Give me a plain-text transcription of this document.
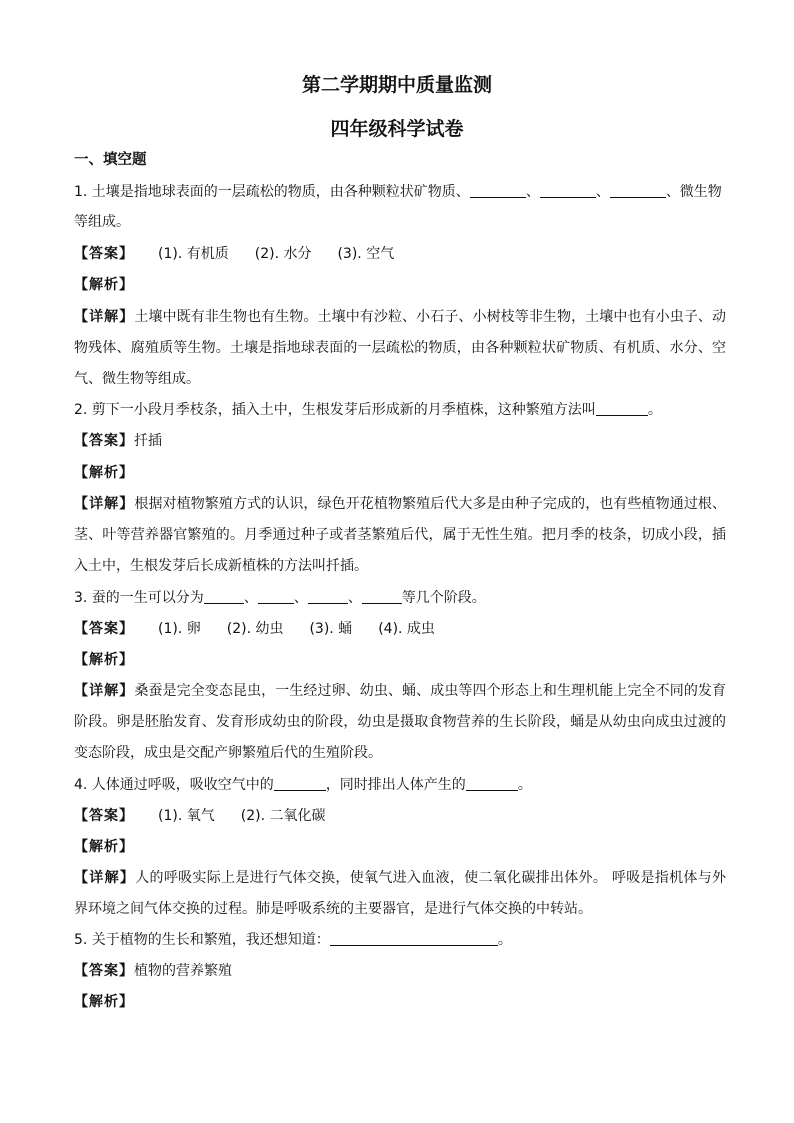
第二学期期中质量监测
四年级科学试卷
一、填空题
1. 土壤是指地球表面的一层疏松的物质，由各种颗粒状矿物质、	、	、	、微生物
等组成。
【答案】 (1). 有机质 (2). 水分 (3). 空气
【解析】
【详解】土壤中既有非生物也有生物。土壤中有沙粒、小石子、小树枝等非生物，土壤中也有小虫子、动
物残体、腐殖质等生物。土壤是指地球表面的一层疏松的物质，由各种颗粒状矿物质、有机质、水分、空
气、微生物等组成。
2. 剪下一小段月季枝条，插入土中，生根发芽后形成新的月季植株，这种繁殖方法叫	。
【答案】扦插
【解析】
【详解】根据对植物繁殖方式的认识，绿色开花植物繁殖后代大多是由种子完成的，也有些植物通过根、
茎、叶等营养器官繁殖的。月季通过种子或者茎繁殖后代，属于无性生殖。把月季的枝条，切成小段，插
入土中，生根发芽后长成新植株的方法叫扦插。
3. 蚕的一生可以分为	、	、	、	等几个阶段。
【答案】 (1). 卵 (2). 幼虫 (3). 蛹 (4). 成虫
【解析】
【详解】桑蚕是完全变态昆虫，一生经过卵、幼虫、蛹、成虫等四个形态上和生理机能上完全不同的发育
阶段。卵是胚胎发育、发育形成幼虫的阶段，幼虫是摄取食物营养的生长阶段，蛹是从幼虫向成虫过渡的
变态阶段，成虫是交配产卵繁殖后代的生殖阶段。
4. 人体通过呼吸，吸收空气中的	，同时排出人体产生的	。
【答案】 (1). 氧气 (2). 二氧化碳
【解析】
【详解】人的呼吸实际上是进行气体交换，使氧气进入血液，使二氧化碳排出体外。 呼吸是指机体与外
界环境之间气体交换的过程。肺是呼吸系统的主要器官，是进行气体交换的中转站。
5. 关于植物的生长和繁殖，我还想知道：	。
【答案】植物的营养繁殖
【解析】
